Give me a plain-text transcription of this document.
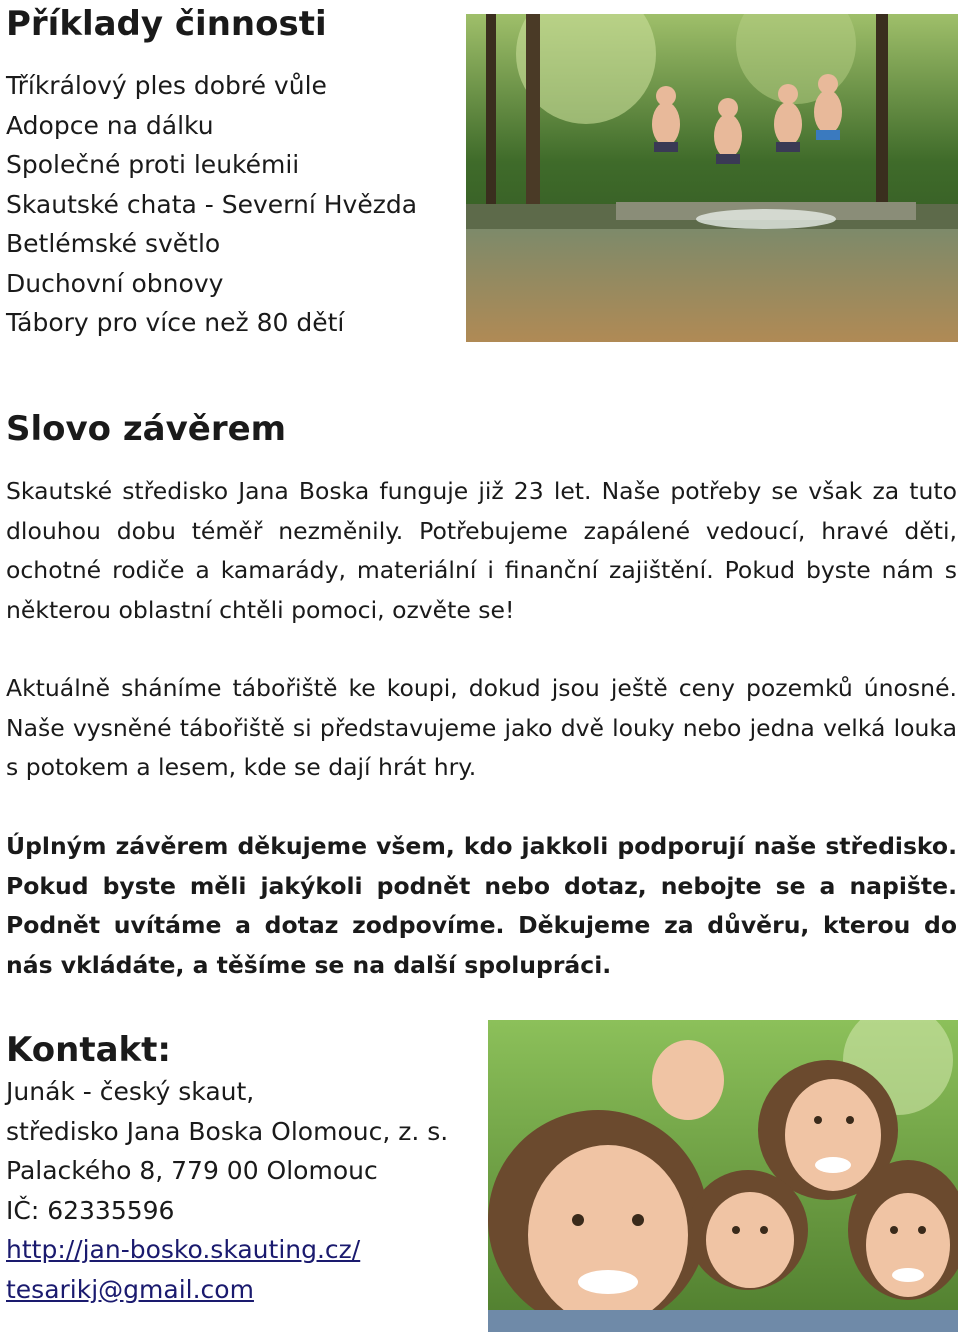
Příklady činnosti
Tříkrálový ples dobré vůle
Adopce na dálku
Společné proti leukémii
Skautské chata - Severní Hvězda
Betlémské světlo
Duchovní obnovy
Tábory pro více než 80 dětí
Slovo závěrem

Skautské středisko Jana Boska funguje již 23 let. Naše potřeby se však za tuto dlouhou dobu téměř nezměnily. Potřebujeme zapálené vedoucí, hravé děti, ochotné rodiče a kamarády, materiální i finanční zajištění. Pokud byste nám s některou oblastní chtěli pomoci, ozvěte se!

Aktuálně sháníme tábořiště ke koupi, dokud jsou ještě ceny pozemků únosné. Naše vysněné tábořiště si představujeme jako dvě louky nebo jedna velká louka s potokem a lesem, kde se dají hrát hry.

Úplným závěrem děkujeme všem, kdo jakkoli podporují naše středisko. Pokud byste měli jakýkoli podnět nebo dotaz, nebojte se a napište. Podnět uvítáme a dotaz zodpovíme. Děkujeme za důvěru, kterou do nás vkládáte, a těšíme se na další spolupráci.

Kontakt:
Junák - český skaut,
středisko Jana Boska Olomouc, z. s.
Palackého 8, 779 00 Olomouc
IČ: 62335596
http://jan-bosko.skauting.cz/
tesarikj@gmail.com
